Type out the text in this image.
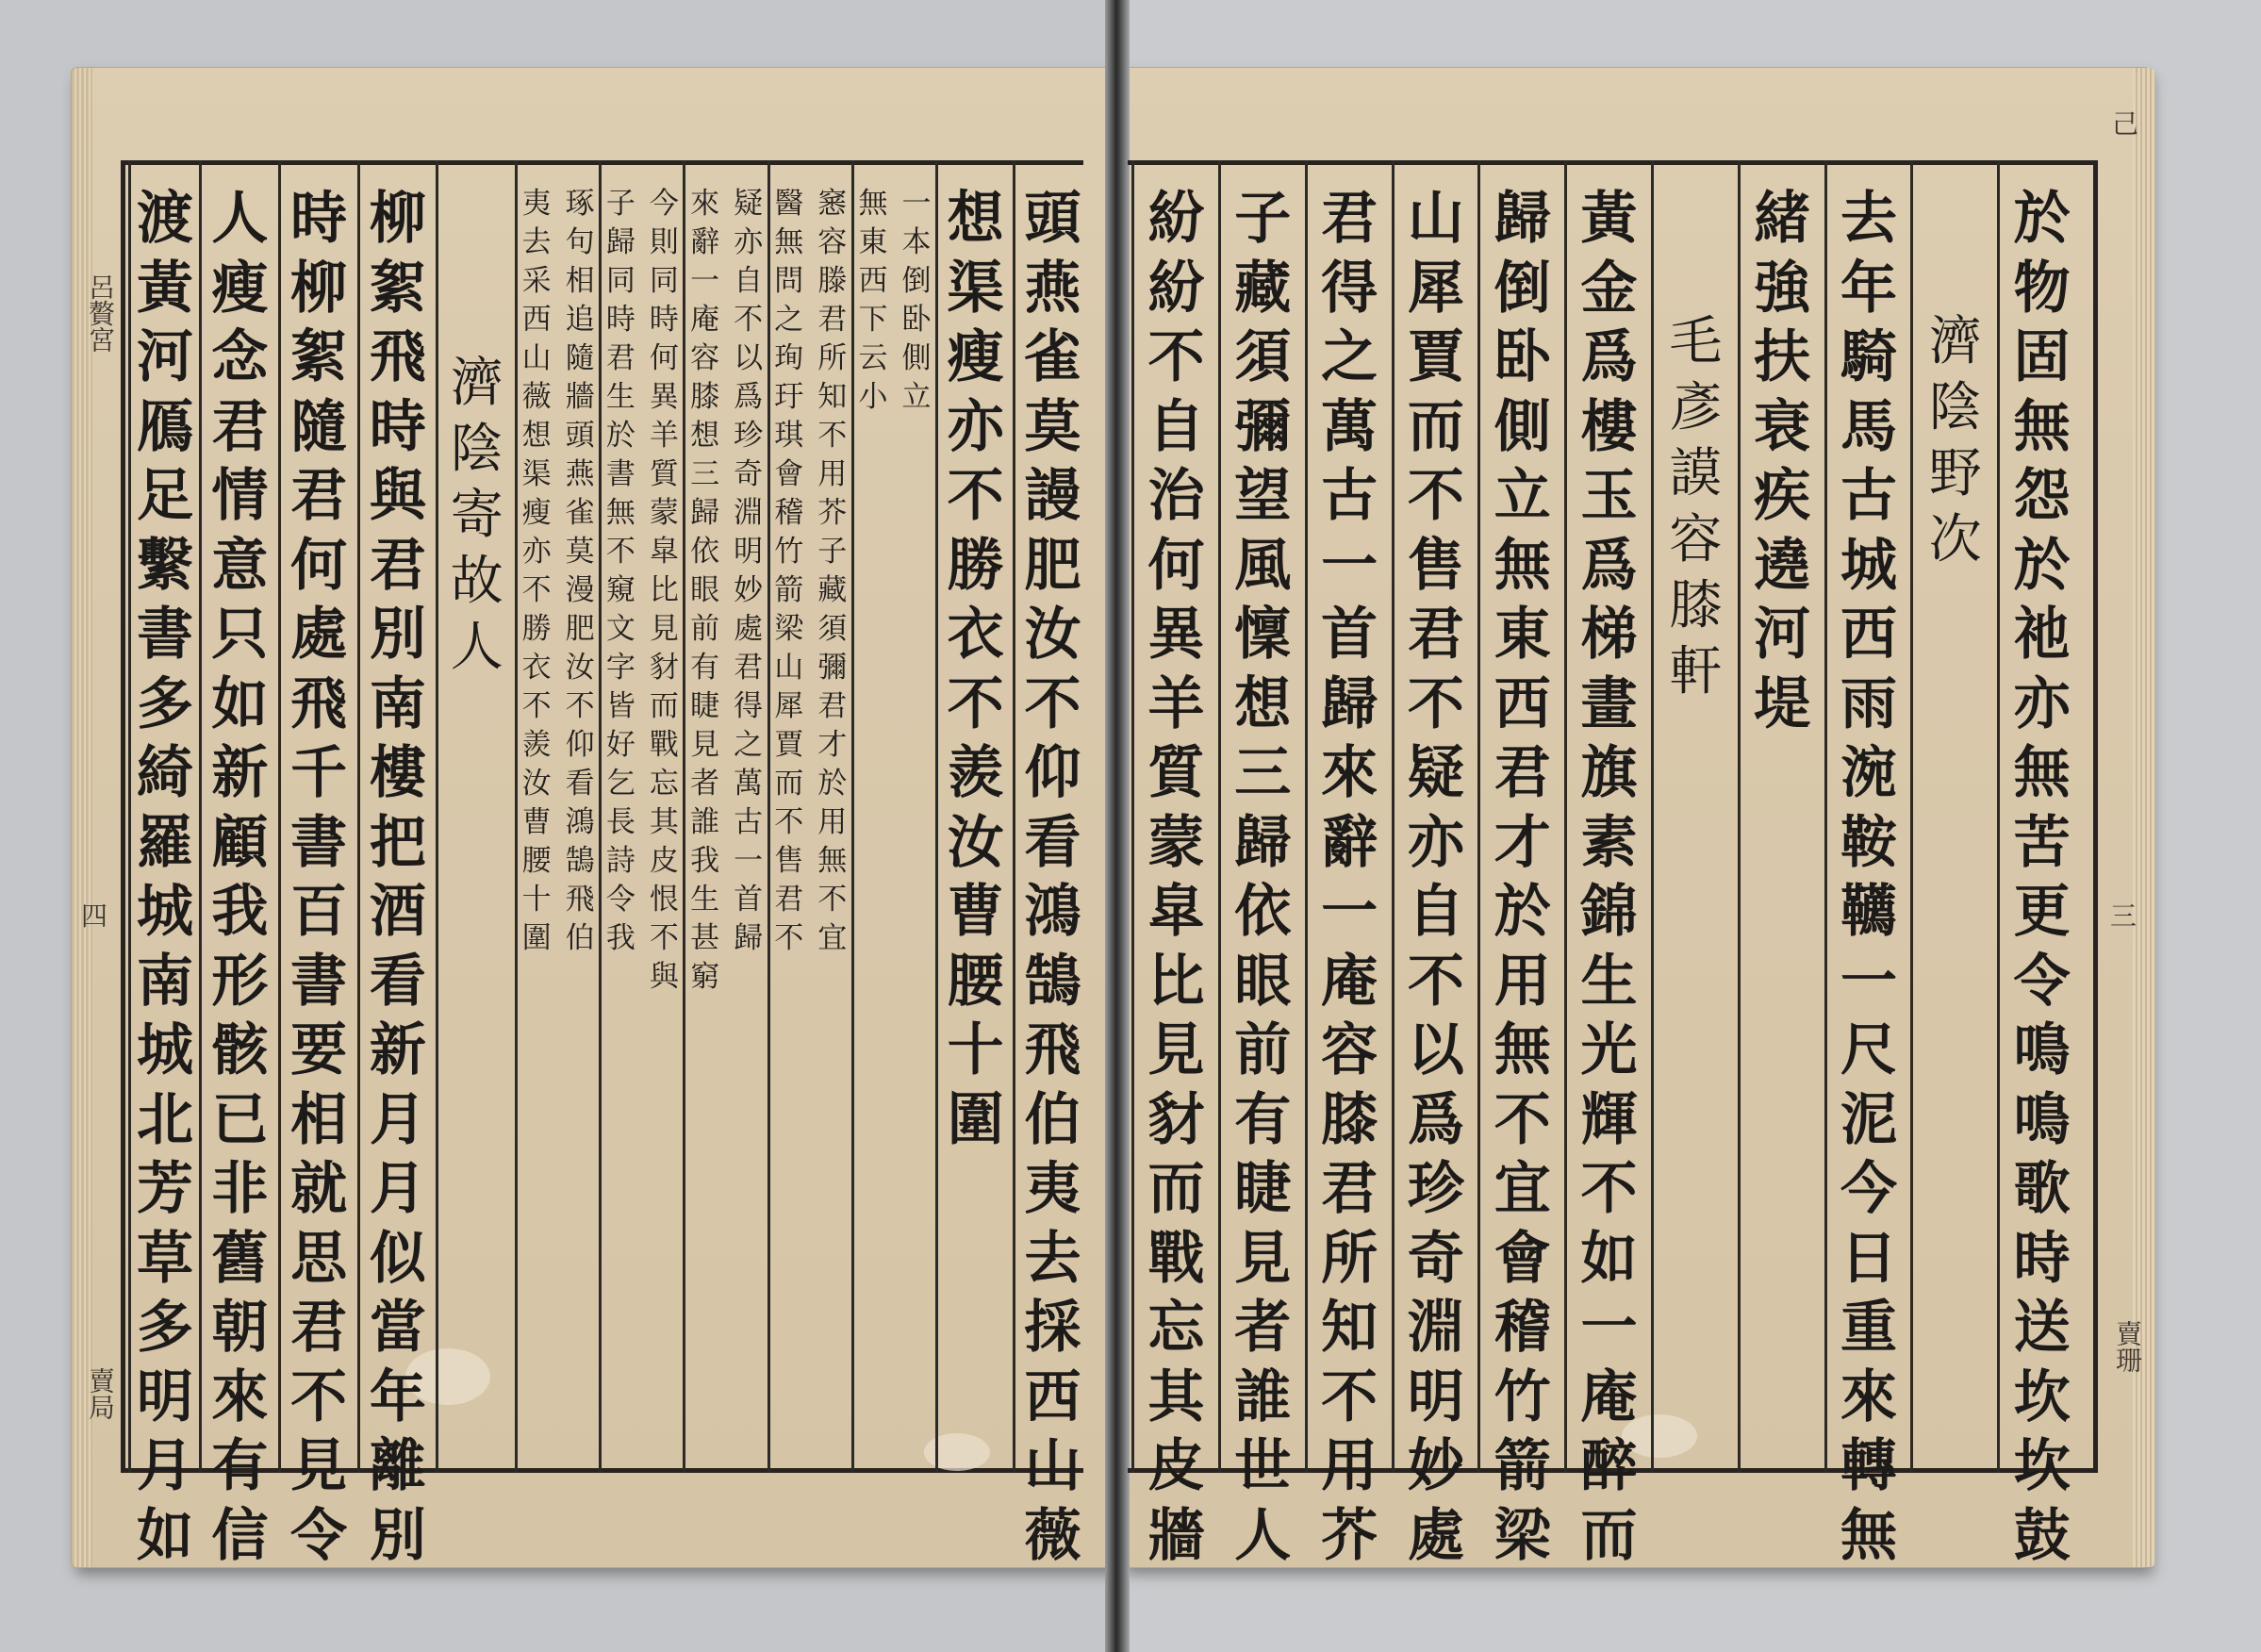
呂贅宮
四
賣局
己
三
賣珊
頭
燕
雀
莫
謾
肥
汝
不
仰
看
鴻
鵠
飛
伯
夷
去
採
西
山
薇
想
渠
瘦
亦
不
勝
衣
不
羨
汝
曹
腰
十
圍
一
本
倒
卧
側
立
無
東
西
下
云
小
窸
容
滕
君
所
知
不
用
芥
子
藏
須
彌
君
才
於
用
無
不
宜
醫
無
問
之
珣
玗
琪
會
稽
竹
箭
梁
山
犀
賈
而
不
售
君
不
疑
亦
自
不
以
爲
珍
奇
淵
明
妙
處
君
得
之
萬
古
一
首
歸
來
辭
一
庵
容
膝
想
三
歸
依
眼
前
有
睫
見
者
誰
我
生
甚
窮
今
則
同
時
何
異
羊
質
蒙
皐
比
見
豺
而
戰
忘
其
皮
恨
不
與
子
歸
同
時
君
生
於
書
無
不
窺
文
字
皆
好
乞
長
詩
令
我
琢
句
相
追
隨
牆
頭
燕
雀
莫
漫
肥
汝
不
仰
看
鴻
鵠
飛
伯
夷
去
采
西
山
薇
想
渠
瘦
亦
不
勝
衣
不
羨
汝
曹
腰
十
圍
濟
陰
寄
故
人
柳
絮
飛
時
與
君
別
南
樓
把
酒
看
新
月
月
似
當
年
離
別
時
柳
絮
隨
君
何
處
飛
千
書
百
書
要
相
就
思
君
不
見
令
人
瘦
念
君
情
意
只
如
新
顧
我
形
骸
已
非
舊
朝
來
有
信
渡
黃
河
鴈
足
繫
書
多
綺
羅
城
南
城
北
芳
草
多
明
月
如
於
物
固
無
怨
於
祂
亦
無
苦
更
令
鳴
鳴
歌
時
送
坎
坎
鼓
濟
陰
野
次
去
年
騎
馬
古
城
西
雨
涴
鞍
韉
一
尺
泥
今
日
重
來
轉
無
緒
強
扶
衰
疾
遶
河
堤
毛
彥
謨
容
膝
軒
黃
金
爲
樓
玉
爲
梯
畫
旗
素
錦
生
光
輝
不
如
一
庵
醉
而
歸
倒
卧
側
立
無
東
西
君
才
於
用
無
不
宜
會
稽
竹
箭
梁
山
犀
賈
而
不
售
君
不
疑
亦
自
不
以
爲
珍
奇
淵
明
妙
處
君
得
之
萬
古
一
首
歸
來
辭
一
庵
容
膝
君
所
知
不
用
芥
子
藏
須
彌
望
風
懍
想
三
歸
依
眼
前
有
睫
見
者
誰
世
人
紛
紛
不
自
治
何
異
羊
質
蒙
皐
比
見
豺
而
戰
忘
其
皮
牆
